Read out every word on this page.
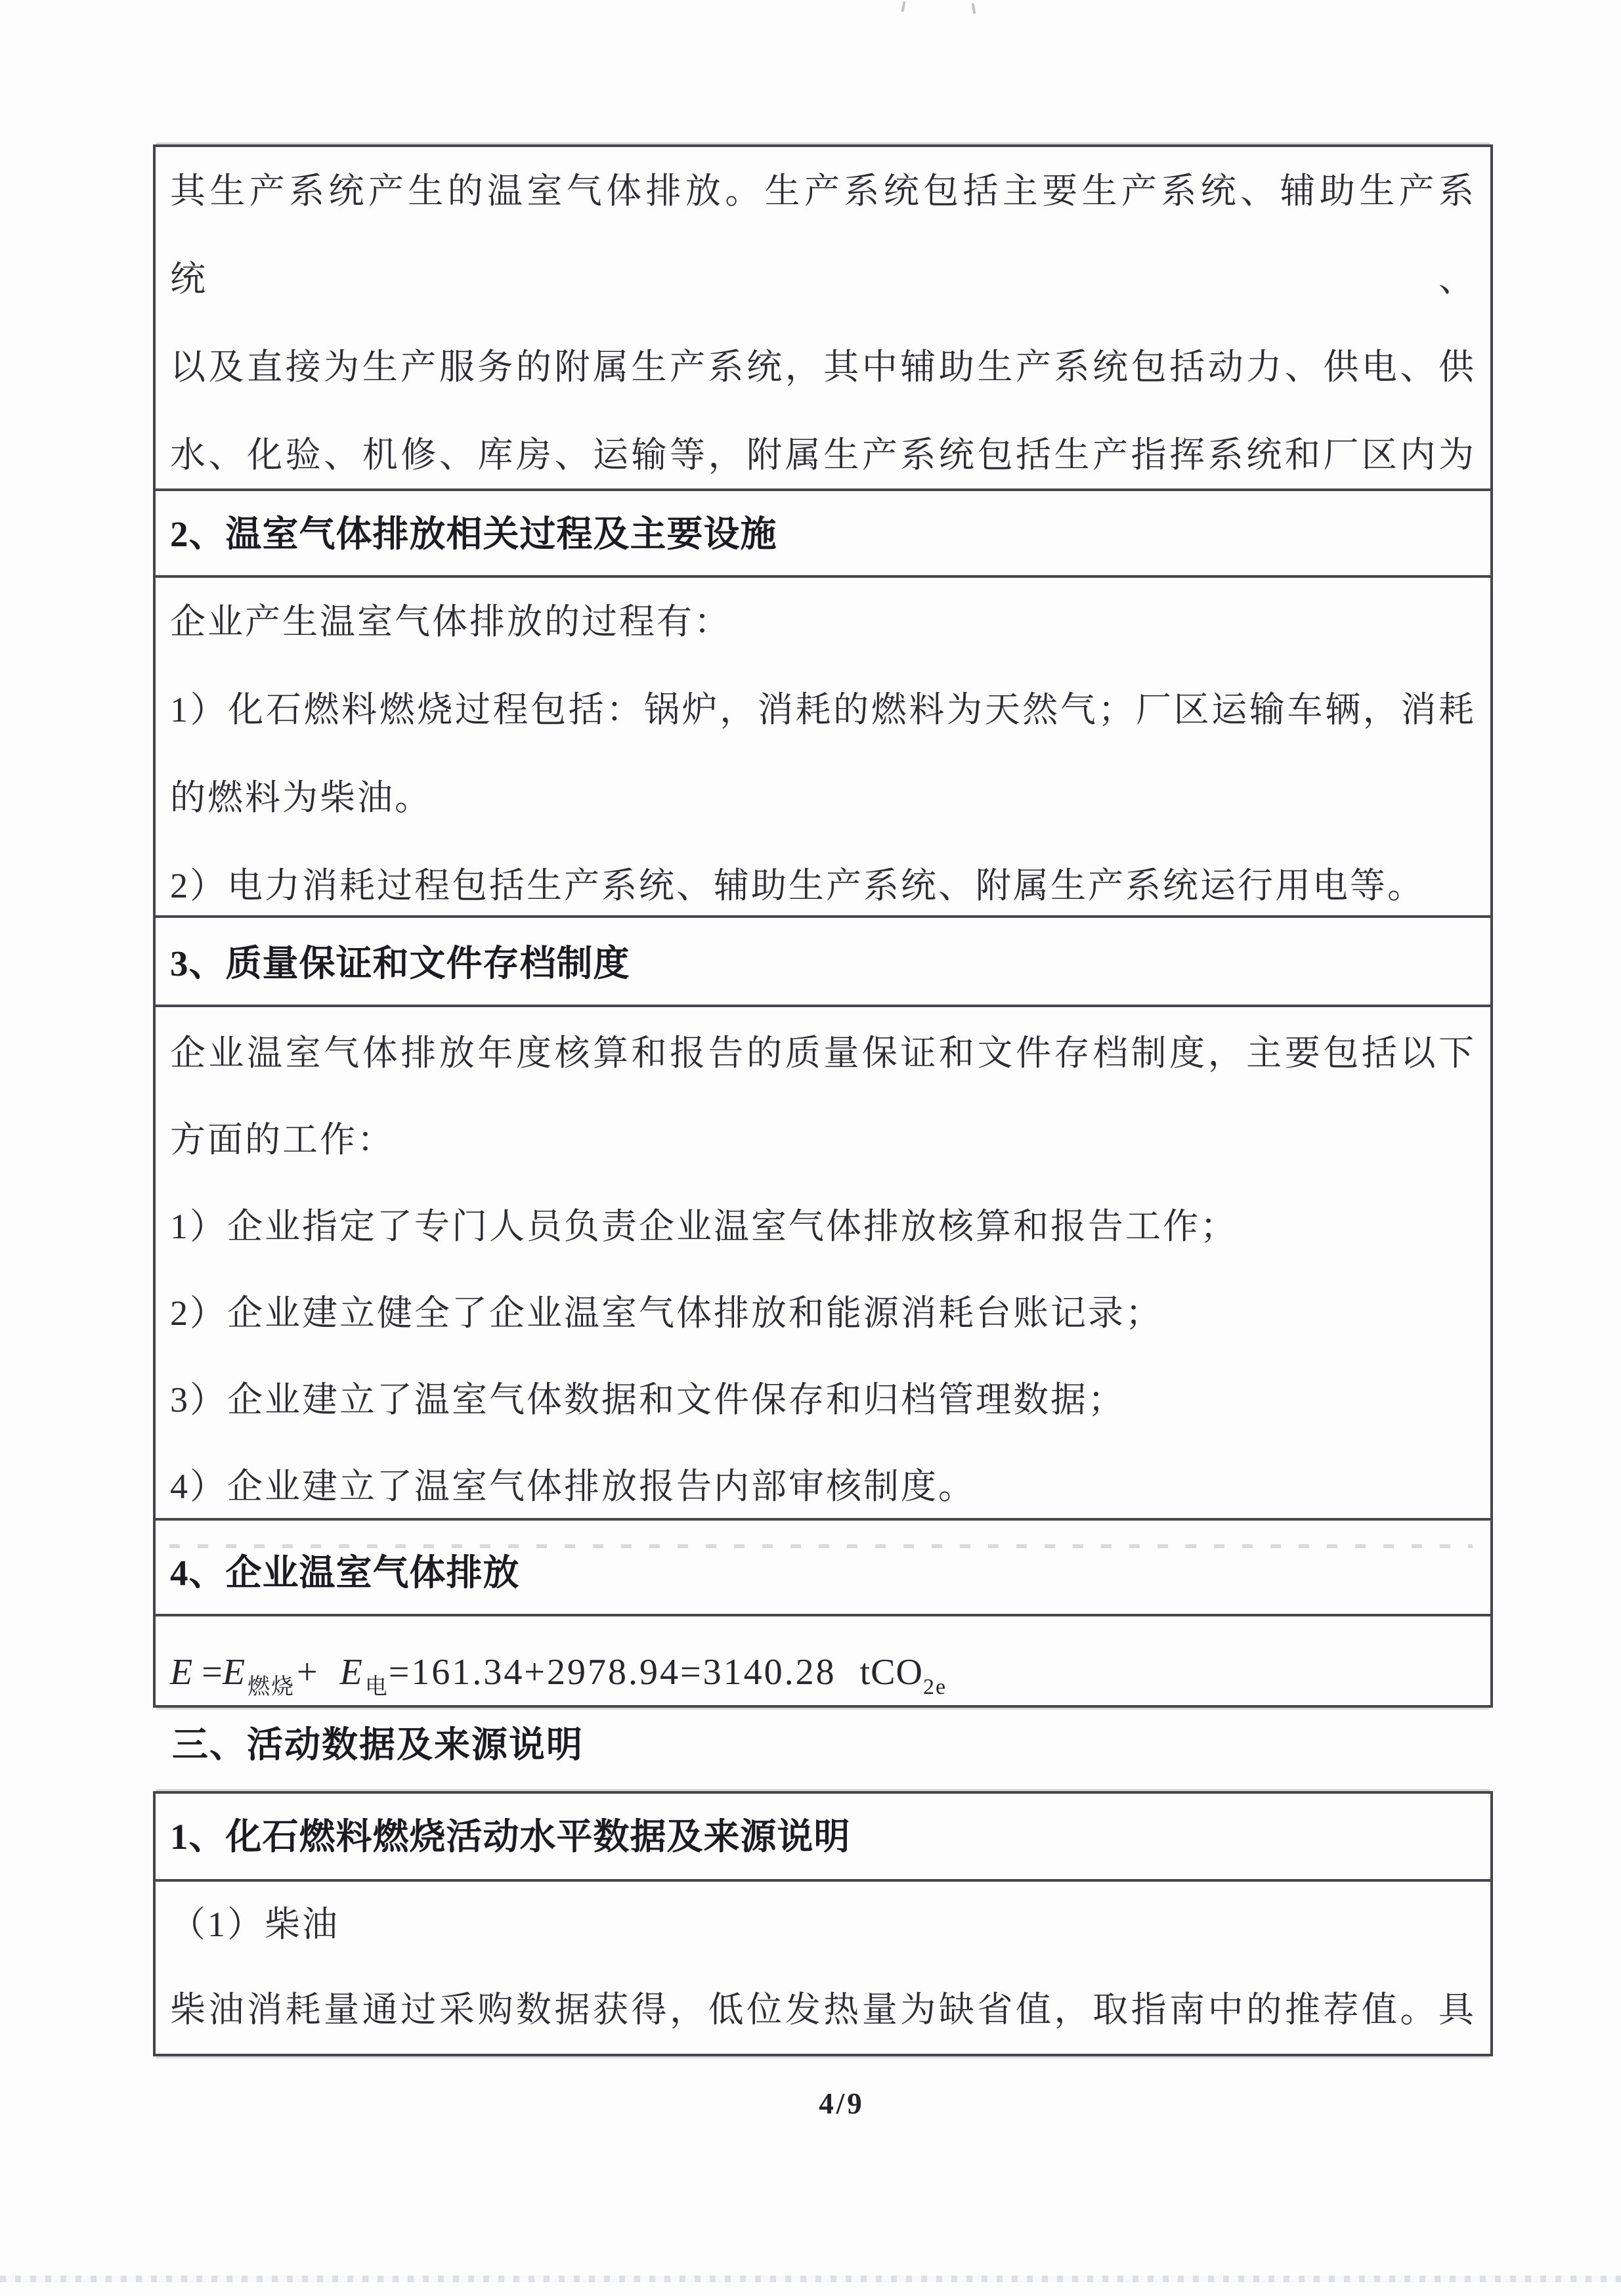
其生产系统产生的温室气体排放。生产系统包括主要生产系统、辅助生产系统、
以及直接为生产服务的附属生产系统，其中辅助生产系统包括动力、供电、供
水、化验、机修、库房、运输等，附属生产系统包括生产指挥系统和厂区内为
2、温室气体排放相关过程及主要设施
企业产生温室气体排放的过程有：
1）化石燃料燃烧过程包括：锅炉，消耗的燃料为天然气；厂区运输车辆，消耗
的燃料为柴油。
2）电力消耗过程包括生产系统、辅助生产系统、附属生产系统运行用电等。
3、质量保证和文件存档制度
企业温室气体排放年度核算和报告的质量保证和文件存档制度，主要包括以下
方面的工作：
1）企业指定了专门人员负责企业温室气体排放核算和报告工作；
2）企业建立健全了企业温室气体排放和能源消耗台账记录；
3）企业建立了温室气体数据和文件保存和归档管理数据；
4）企业建立了温室气体排放报告内部审核制度。
4、企业温室气体排放
E =E $_{燃烧}$+ E $_电$=161.34+2978.94=3140.28 tCO$_{2e}$
三、活动数据及来源说明
1、化石燃料燃烧活动水平数据及来源说明
（1）柴油
柴油消耗量通过采购数据获得，低位发热量为缺省值，取指南中的推荐值。具
4/9
